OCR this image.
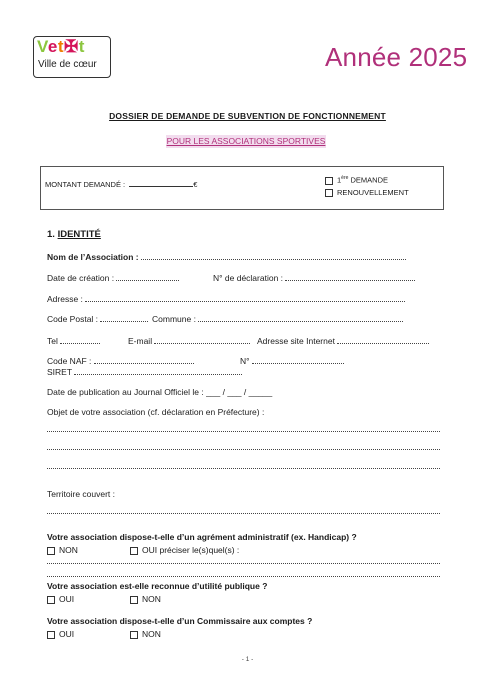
Vet✠t
Ville de cœur	Année 2025
DOSSIER DE DEMANDE DE SUBVENTION DE FONCTIONNEMENT
POUR LES ASSOCIATIONS SPORTIVES
MONTANT DEMANDÉ :	€	1ère DEMANDE
RENOUVELLEMENT
1. IDENTITÉ
Nom de l’Association :
Date de création :	N° de déclaration :
Adresse :
Code Postal :	Commune :
Tel	E-mail	Adresse site Internet
Code NAF :	N°
SIRET
Date de publication au Journal Officiel le : ___ / ___ / _____
Objet de votre association (cf. déclaration en Préfecture) :
Territoire couvert :
Votre association dispose-t-elle d’un agrément administratif (ex. Handicap) ?
NON	OUI préciser le(s)quel(s) :
Votre association est-elle reconnue d’utilité publique ?
OUI	NON
Votre association dispose-t-elle d’un Commissaire aux comptes ?
OUI	NON
- 1 -
